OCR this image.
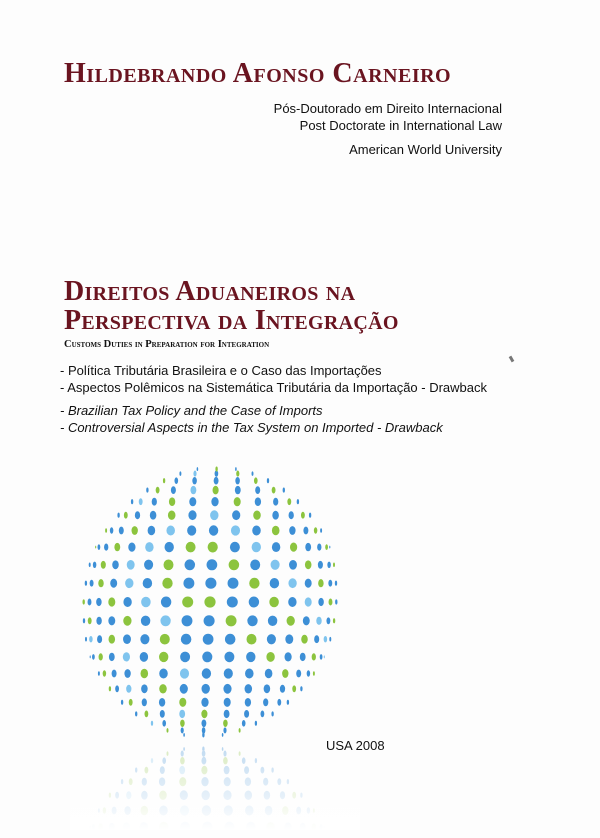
Hildebrando Afonso Carneiro
Pós-Doutorado em Direito Internacional
Post Doctorate in International Law
American World University
Direitos Aduaneiros na
Perspectiva da Integração
Customs Duties in Preparation for Integration
- Política Tributária Brasileira e o Caso das Importações
- Aspectos Polêmicos na Sistemática Tributária da Importação - Drawback
- Brazilian Tax Policy and the Case of Imports
- Controversial Aspects in the Tax System on Imported - Drawback
USA 2008
